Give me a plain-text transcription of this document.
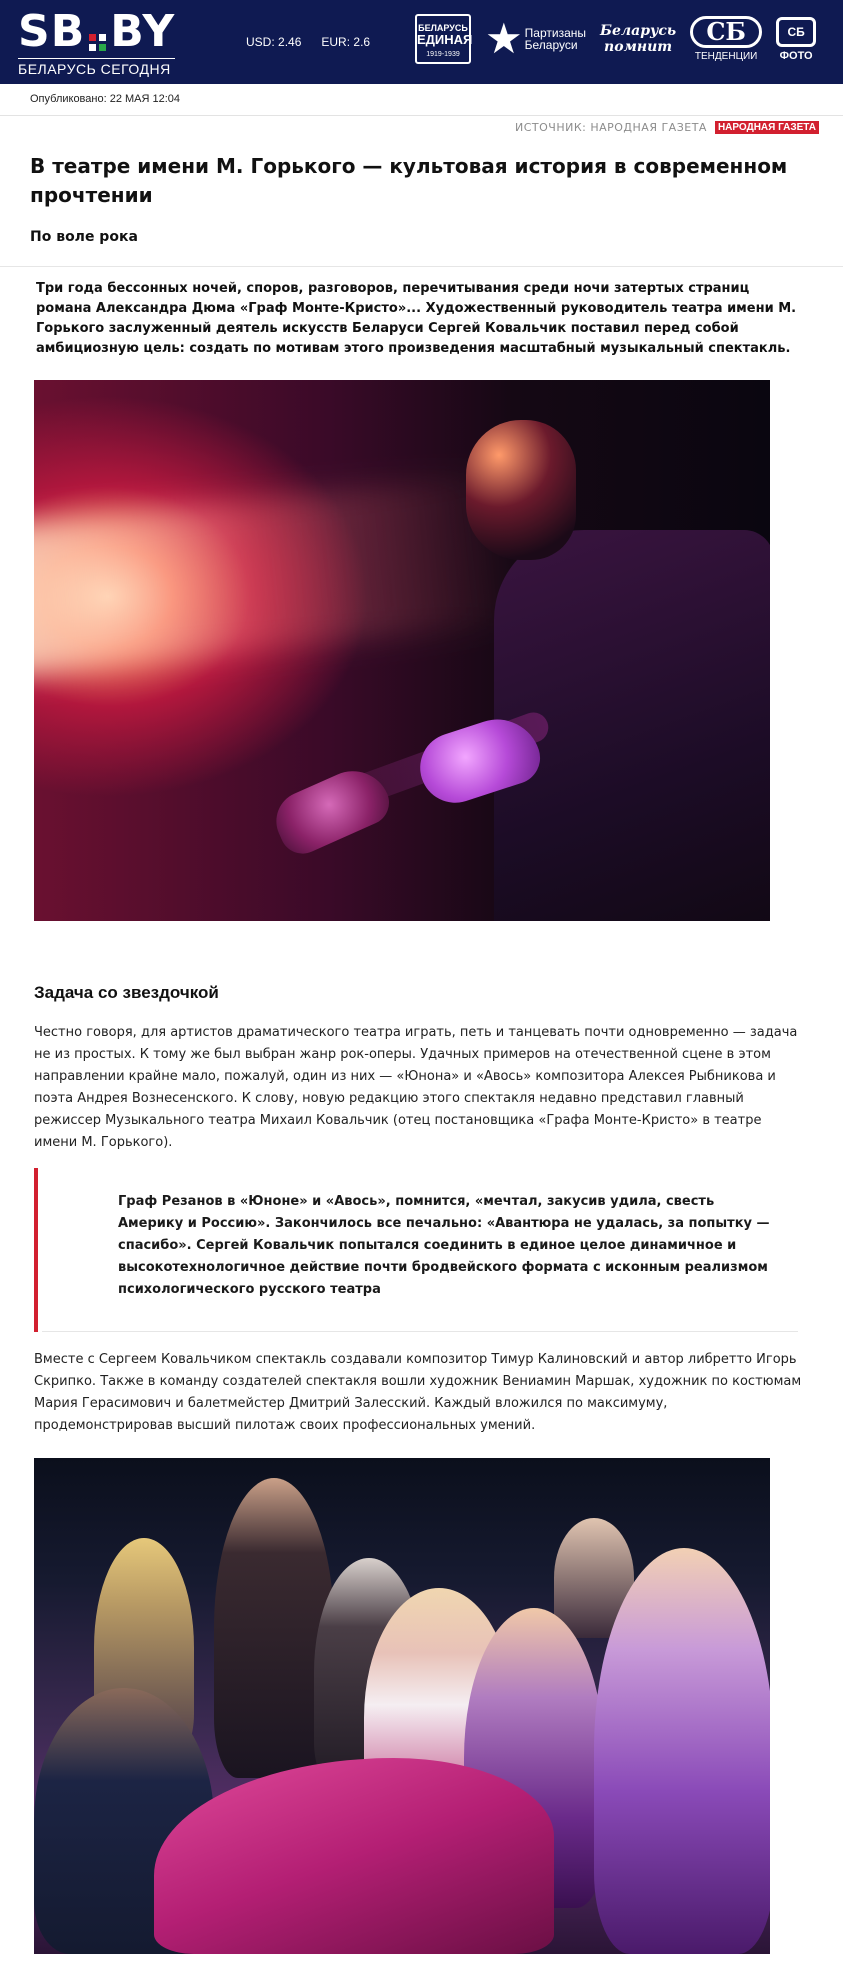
SB BY
БЕЛАРУСЬ СЕГОДНЯ
USD: 2.46 EUR: 2.6
БЕЛАРУСЬ
ЕДИНАЯ
1919-1939 ★ Партизаны
Беларуси
Беларусь
помнит
СБ
ТЕНДЕНЦИИ
СБ
ФОТО
Опубликовано: 22 МАЯ 12:04
ИСТОЧНИК: НАРОДНАЯ ГАЗЕТА	НАРОДНАЯ ГАЗЕТА
В театре имени М. Горького — культовая история в современном прочтении
По воле рока

Три года бессонных ночей, споров, разговоров, перечитывания среди ночи затертых страниц романа Александра Дюма «Граф Монте-Кристо»... Художественный руководитель театра имени М. Горького заслуженный деятель искусств Беларуси Сергей Ковальчик поставил перед собой амбициозную цель: создать по мотивам этого произведения масштабный музыкальный спектакль.

Задача со звездочкой

Честно говоря, для артистов драматического театра играть, петь и танцевать почти одновременно — задача не из простых. К тому же был выбран жанр рок-оперы. Удачных примеров на отечественной сцене в этом направлении крайне мало, пожалуй, один из них — «Юнона» и «Авось» композитора Алексея Рыбникова и поэта Андрея Вознесенского. К слову, новую редакцию этого спектакля недавно представил главный режиссер Музыкального театра Михаил Ковальчик (отец постановщика «Графа Монте-Кристо» в театре имени М. Горького).

Граф Резанов в «Юноне» и «Авось», помнится, «мечтал, закусив удила, свесть Америку и Россию». Закончилось все печально: «Авантюра не удалась, за попытку — спасибо». Сергей Ковальчик попытался соединить в единое целое динамичное и высокотехнологичное действие почти бродвейского формата с исконным реализмом психологического русского театра

Вместе с Сергеем Ковальчиком спектакль создавали композитор Тимур Калиновский и автор либретто Игорь Скрипко. Также в команду создателей спектакля вошли художник Вениамин Маршак, художник по костюмам Мария Герасимович и балетмейстер Дмитрий Залесский. Каждый вложился по максимуму, продемонстрировав высший пилотаж своих профессиональных умений.
